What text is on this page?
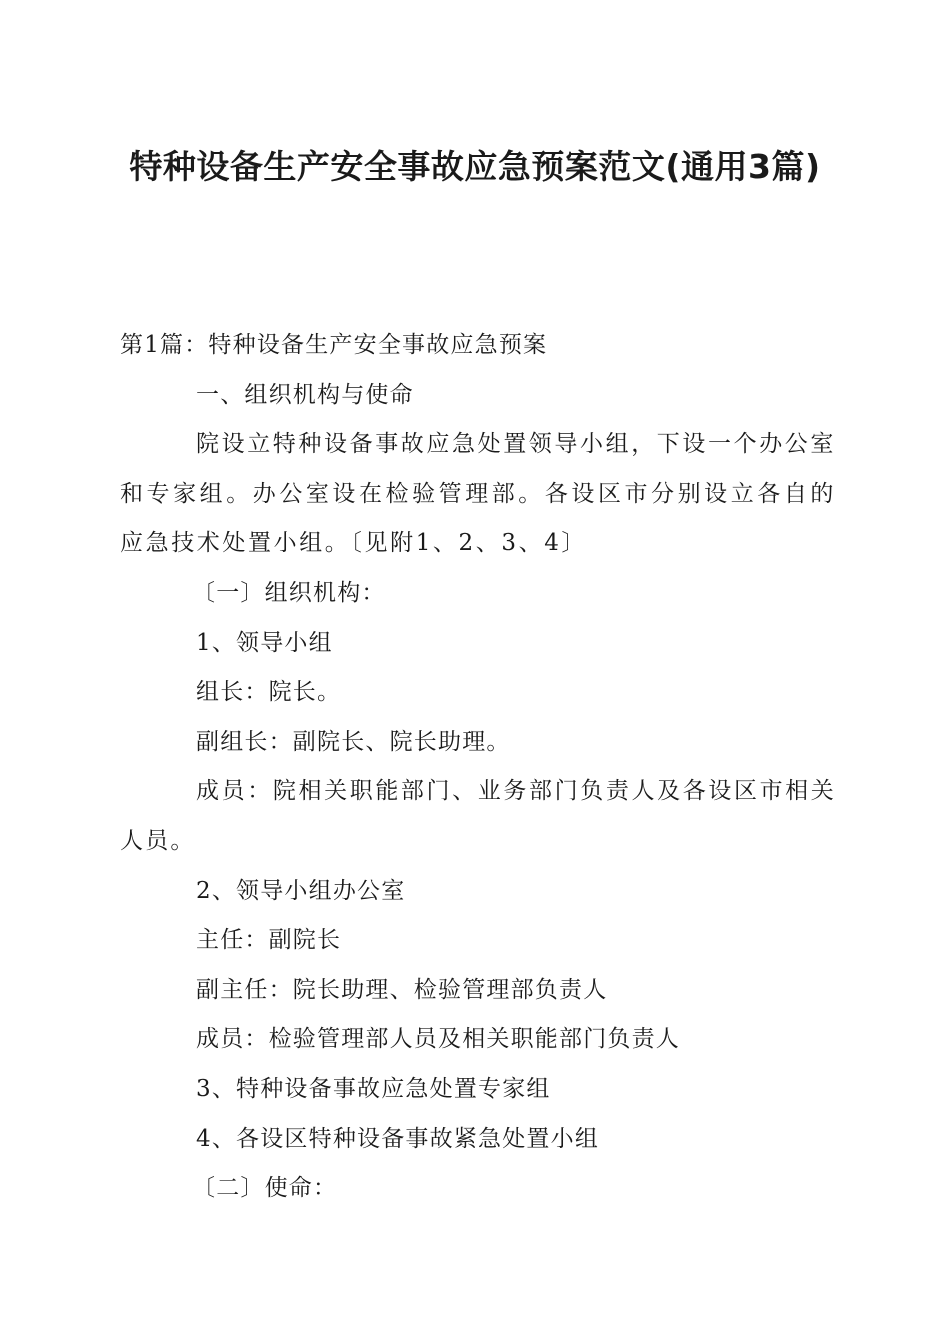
特种设备生产安全事故应急预案范文(通用3篇)

第1篇：特种设备生产安全事故应急预案

一、组织机构与使命

院设立特种设备事故应急处置领导小组，下设一个办公室和专家组。办公室设在检验管理部。各设区市分别设立各自的应急技术处置小组。〔见附1、2、3、4〕

〔一〕组织机构：

1、领导小组

组长：院长。

副组长：副院长、院长助理。

成员：院相关职能部门、业务部门负责人及各设区市相关人员。

2、领导小组办公室

主任：副院长

副主任：院长助理、检验管理部负责人

成员：检验管理部人员及相关职能部门负责人

3、特种设备事故应急处置专家组

4、各设区特种设备事故紧急处置小组

〔二〕使命：
